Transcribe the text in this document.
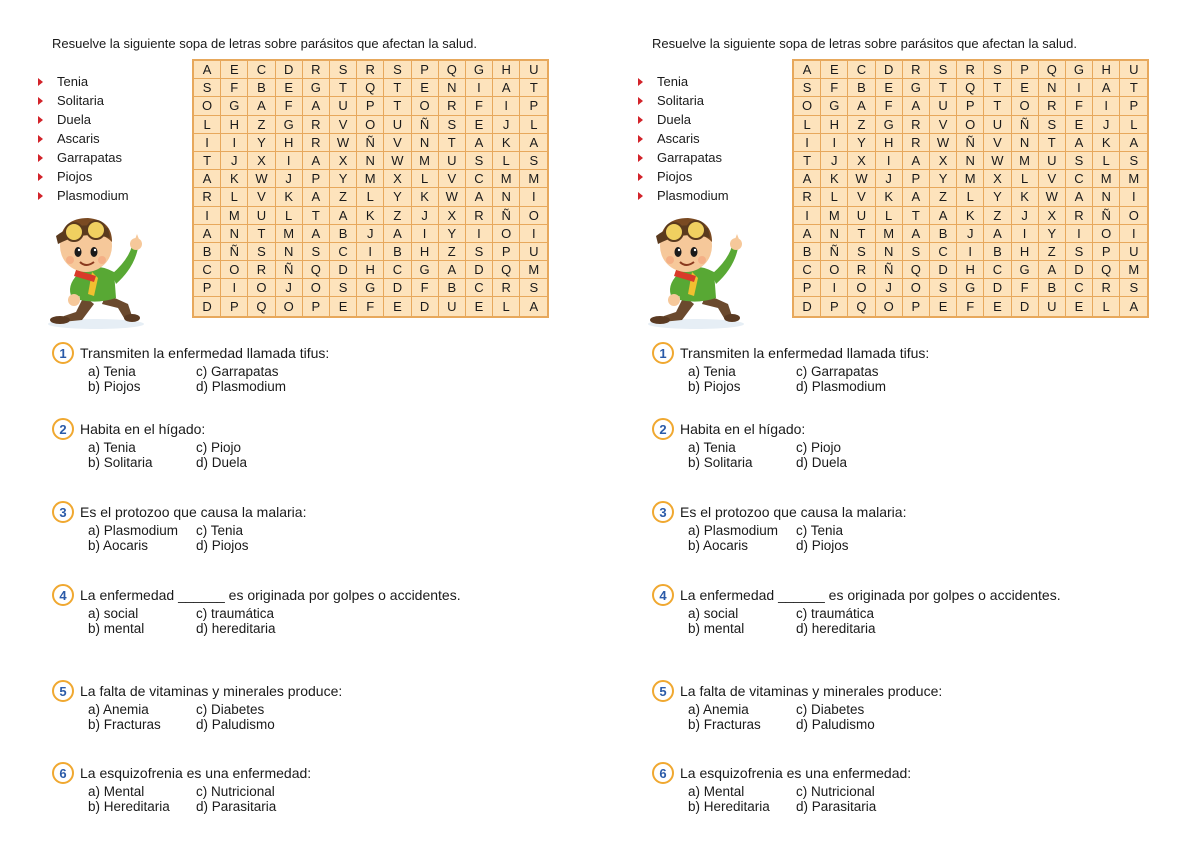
Resuelve la siguiente sopa de letras sobre parásitos que afectan la salud.
Tenia
Solitaria
Duela
Ascaris
Garrapatas
Piojos
Plasmodium
A	E	C	D	R	S	R	S	P	Q	G	H	U
S	F	B	E	G	T	Q	T	E	N	I	A	T
O	G	A	F	A	U	P	T	O	R	F	I	P
L	H	Z	G	R	V	O	U	Ñ	S	E	J	L
I	I	Y	H	R	W	Ñ	V	N	T	A	K	A
T	J	X	I	A	X	N	W	M	U	S	L	S
A	K	W	J	P	Y	M	X	L	V	C	M	M
R	L	V	K	A	Z	L	Y	K	W	A	N	I
I	M	U	L	T	A	K	Z	J	X	R	Ñ	O
A	N	T	M	A	B	J	A	I	Y	I	O	I
B	Ñ	S	N	S	C	I	B	H	Z	S	P	U
C	O	R	Ñ	Q	D	H	C	G	A	D	Q	M
P	I	O	J	O	S	G	D	F	B	C	R	S
D	P	Q	O	P	E	F	E	D	U	E	L	A
1 Transmiten la enfermedad llamada tifus:
a) Tenia	c) Garrapatas
b) Piojos	d) Plasmodium
2 Habita en el hígado:
a) Tenia	c) Piojo
b) Solitaria	d) Duela
3 Es el protozoo que causa la malaria:
a) Plasmodium	c) Tenia
b) Aocaris	d) Piojos
4 La enfermedad ______ es originada por golpes o accidentes.
a) social	c) traumática
b) mental	d) hereditaria
5 La falta de vitaminas y minerales produce:
a) Anemia	c) Diabetes
b) Fracturas	d) Paludismo
6 La esquizofrenia es una enfermedad:
a) Mental	c) Nutricional
b) Hereditaria	d) Parasitaria
Resuelve la siguiente sopa de letras sobre parásitos que afectan la salud.
Tenia
Solitaria
Duela
Ascaris
Garrapatas
Piojos
Plasmodium
A	E	C	D	R	S	R	S	P	Q	G	H	U
S	F	B	E	G	T	Q	T	E	N	I	A	T
O	G	A	F	A	U	P	T	O	R	F	I	P
L	H	Z	G	R	V	O	U	Ñ	S	E	J	L
I	I	Y	H	R	W	Ñ	V	N	T	A	K	A
T	J	X	I	A	X	N	W	M	U	S	L	S
A	K	W	J	P	Y	M	X	L	V	C	M	M
R	L	V	K	A	Z	L	Y	K	W	A	N	I
I	M	U	L	T	A	K	Z	J	X	R	Ñ	O
A	N	T	M	A	B	J	A	I	Y	I	O	I
B	Ñ	S	N	S	C	I	B	H	Z	S	P	U
C	O	R	Ñ	Q	D	H	C	G	A	D	Q	M
P	I	O	J	O	S	G	D	F	B	C	R	S
D	P	Q	O	P	E	F	E	D	U	E	L	A
1 Transmiten la enfermedad llamada tifus:
a) Tenia	c) Garrapatas
b) Piojos	d) Plasmodium
2 Habita en el hígado:
a) Tenia	c) Piojo
b) Solitaria	d) Duela
3 Es el protozoo que causa la malaria:
a) Plasmodium	c) Tenia
b) Aocaris	d) Piojos
4 La enfermedad ______ es originada por golpes o accidentes.
a) social	c) traumática
b) mental	d) hereditaria
5 La falta de vitaminas y minerales produce:
a) Anemia	c) Diabetes
b) Fracturas	d) Paludismo
6 La esquizofrenia es una enfermedad:
a) Mental	c) Nutricional
b) Hereditaria	d) Parasitaria
